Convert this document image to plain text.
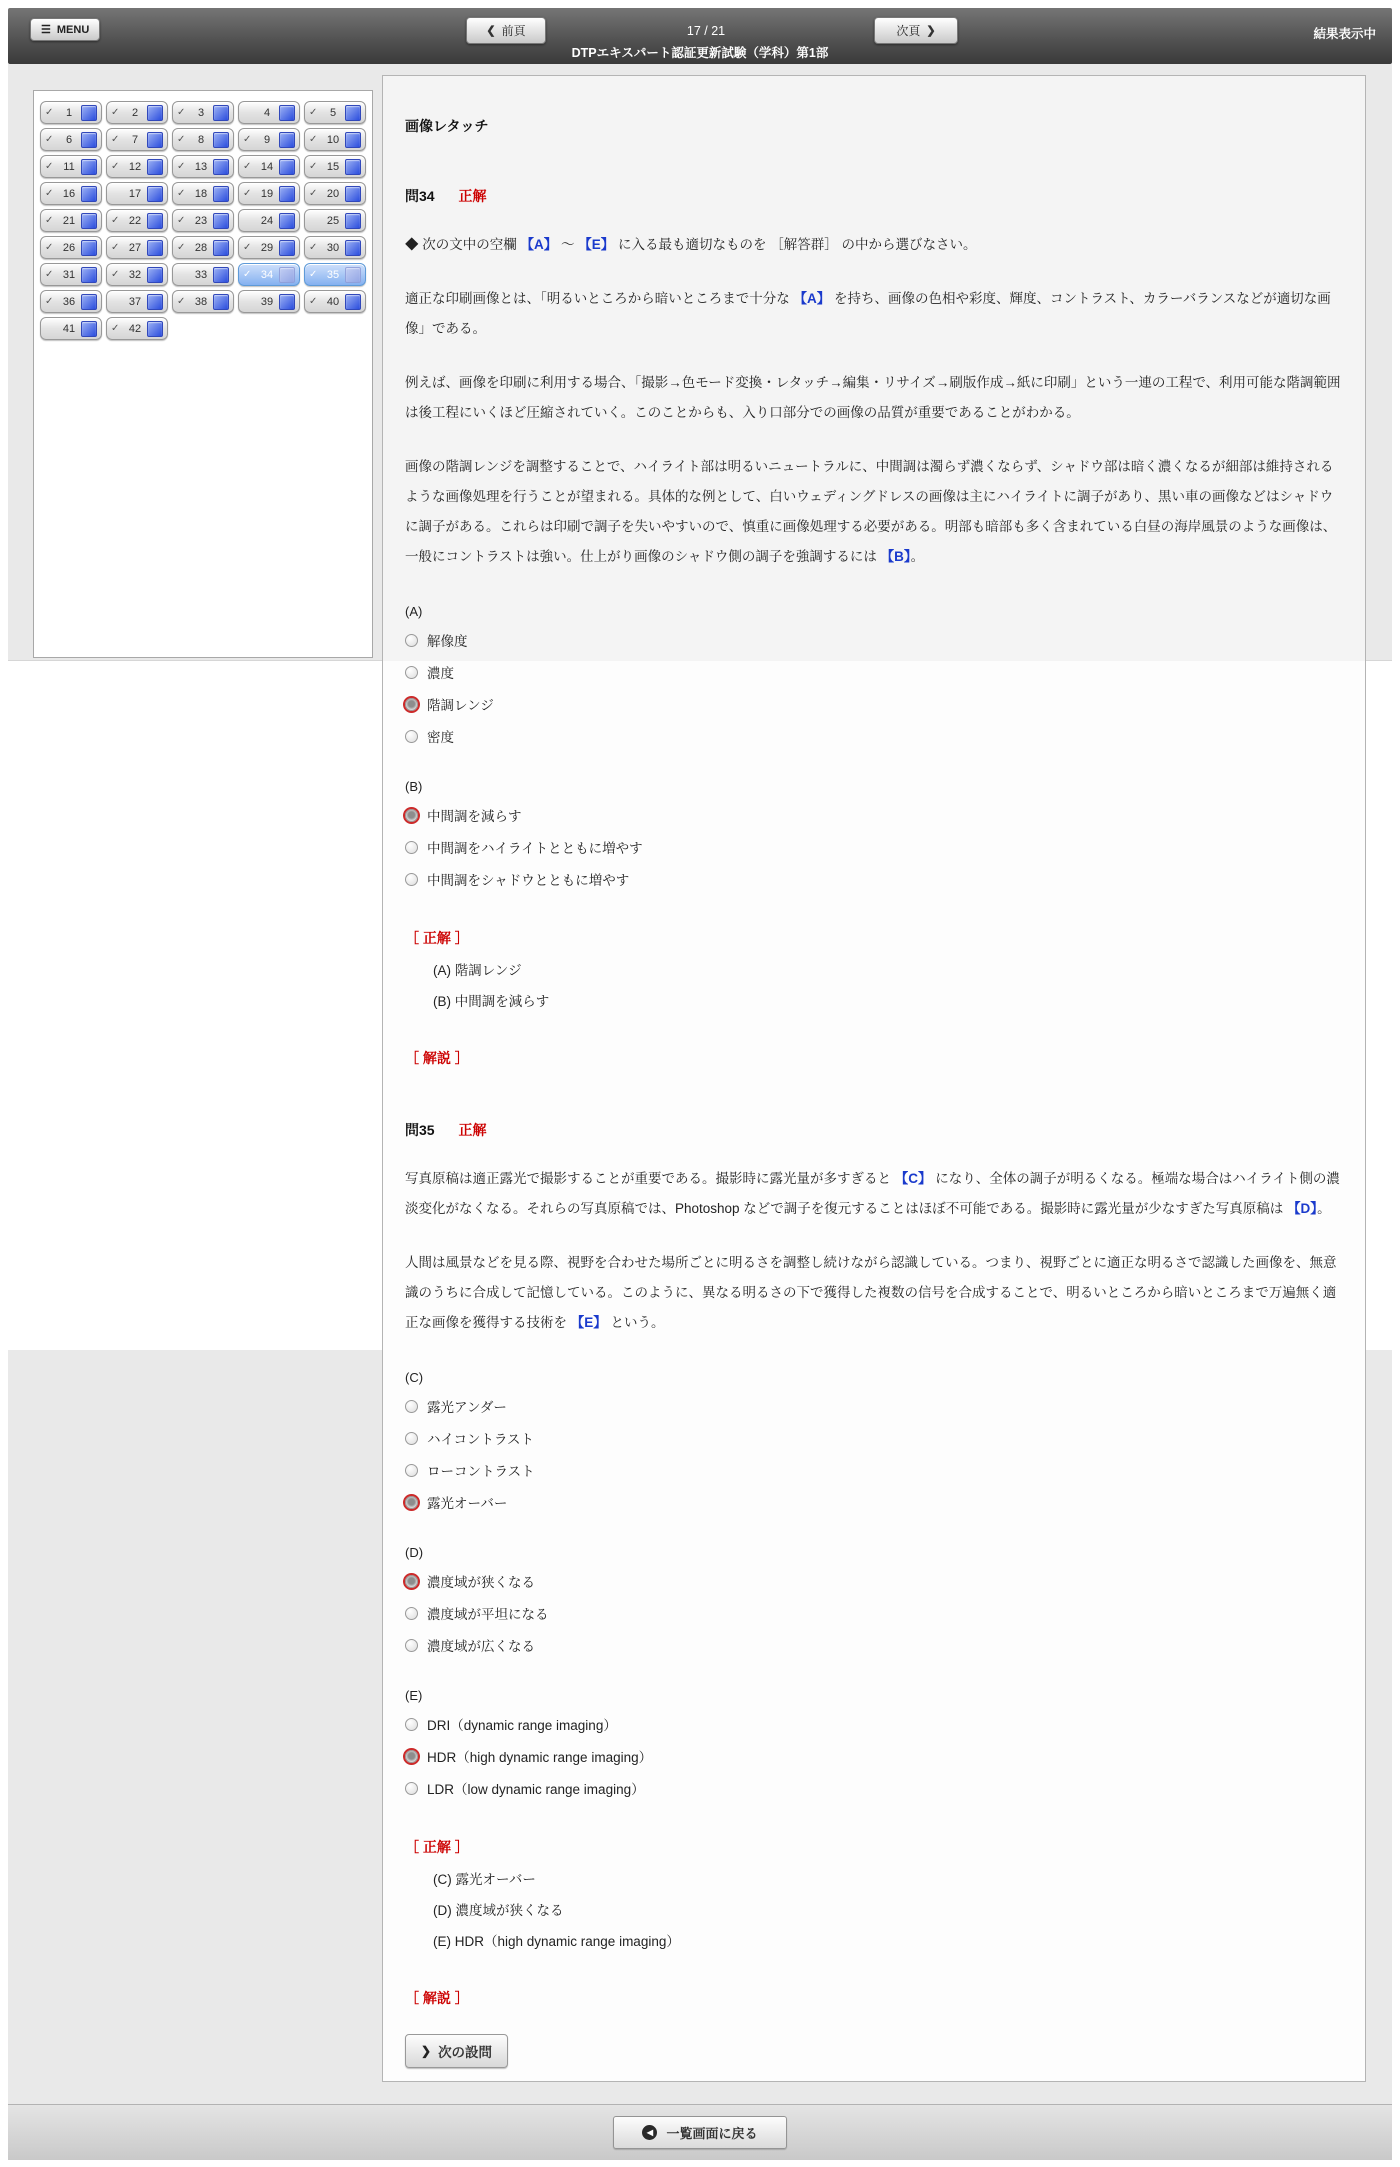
☰ MENU	❮ 前頁	17 / 21	次頁 ❯	結果表示中
DTPエキスパート認証更新試験（学科）第1部
✓	1	✓	2	✓	3	4	✓	5
✓	6	✓	7	✓	8	✓	9	✓ 10
✓ 11	✓ 12	✓ 13	✓ 14	✓ 15
✓ 16	17	✓ 18	✓ 19	✓ 20
✓ 21	✓ 22	✓ 23	24	25
✓ 26	✓ 27	✓ 28	✓ 29	✓ 30
✓ 31	✓ 32	33	✓ 34	✓ 35
✓ 36	37	✓ 38	39	✓ 40
41	✓ 42
画像レタッチ
問34 正解

◆ 次の文中の空欄 【A】 ～ 【E】 に入る最も適切なものを ［解答群］ の中から選びなさい。

適正な印刷画像とは、「明るいところから暗いところまで十分な 【A】 を持ち、画像の色相や彩度、輝度、コントラスト、カラーバランスなどが適切な画像」である。

例えば、画像を印刷に利用する場合、「撮影→色モード変換・レタッチ→編集・リサイズ→刷版作成→紙に印刷」という一連の工程で、利用可能な階調範囲は後工程にいくほど圧縮されていく。このことからも、入り口部分での画像の品質が重要であることがわかる。

画像の階調レンジを調整することで、ハイライト部は明るいニュートラルに、中間調は濁らず濃くならず、シャドウ部は暗く濃くなるが細部は維持されるような画像処理を行うことが望まれる。具体的な例として、白いウェディングドレスの画像は主にハイライトに調子があり、黒い車の画像などはシャドウに調子がある。これらは印刷で調子を失いやすいので、慎重に画像処理する必要がある。明部も暗部も多く含まれている白昼の海岸風景のような画像は、一般にコントラストは強い。仕上がり画像のシャドウ側の調子を強調するには 【B】。

(A)
解像度
濃度
階調レンジ
密度
(B)
中間調を減らす
中間調をハイライトとともに増やす
中間調をシャドウとともに増やす
［ 正解 ］
(A) 階調レンジ
(B) 中間調を減らす
［ 解説 ］
問35 正解

写真原稿は適正露光で撮影することが重要である。撮影時に露光量が多すぎると 【C】 になり、全体の調子が明るくなる。極端な場合はハイライト側の濃淡変化がなくなる。それらの写真原稿では、Photoshop などで調子を復元することはほぼ不可能である。撮影時に露光量が少なすぎた写真原稿は 【D】。

人間は風景などを見る際、視野を合わせた場所ごとに明るさを調整し続けながら認識している。つまり、視野ごとに適正な明るさで認識した画像を、無意識のうちに合成して記憶している。このように、異なる明るさの下で獲得した複数の信号を合成することで、明るいところから暗いところまで万遍無く適正な画像を獲得する技術を 【E】 という。

(C)
露光アンダー
ハイコントラスト
ローコントラスト
露光オーバー
(D)
濃度域が狭くなる
濃度域が平坦になる
濃度域が広くなる
(E)
DRI（dynamic range imaging）
HDR（high dynamic range imaging）
LDR（low dynamic range imaging）
［ 正解 ］
(C) 露光オーバー
(D) 濃度域が狭くなる
(E) HDR（high dynamic range imaging）
［ 解説 ］
❯ 次の設問
◀	一覧画面に戻る
